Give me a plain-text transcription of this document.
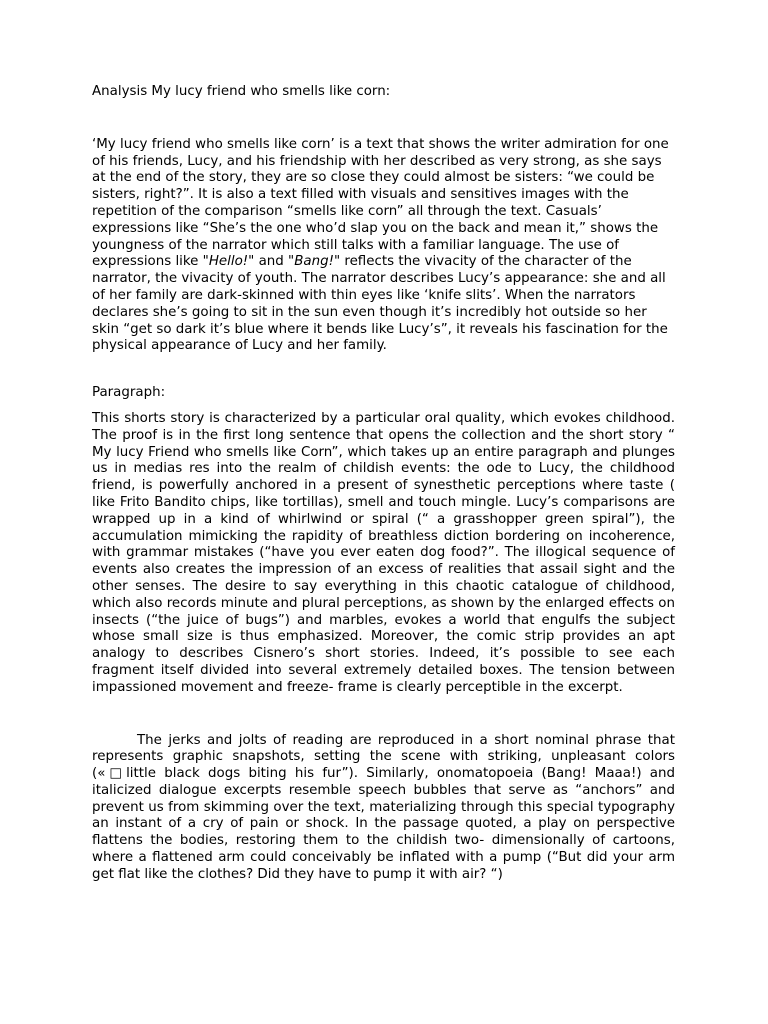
Analysis My lucy friend who smells like corn:

‘My lucy friend who smells like corn’ is a text that shows the writer admiration for one of his friends, Lucy, and his friendship with her described as very strong, as she says at the end of the story, they are so close they could almost be sisters: “we could be sisters, right?”. It is also a text filled with visuals and sensitives images with the repetition of the comparison “smells like corn” all through the text. Casuals’ expressions like “She’s the one who’d slap you on the back and mean it,” shows the youngness of the narrator which still talks with a familiar language. The use of expressions like "Hello!" and "Bang!" reflects the vivacity of the character of the narrator, the vivacity of youth. The narrator describes Lucy’s appearance: she and all of her family are dark-skinned with thin eyes like ‘knife slits’. When the narrators declares she’s going to sit in the sun even though it’s incredibly hot outside so her skin “get so dark it’s blue where it bends like Lucy’s”, it reveals his fascination for the physical appearance of Lucy and her family.

Paragraph:

This shorts story is characterized by a particular oral quality, which evokes childhood. The proof is in the first long sentence that opens the collection and the short story “ My lucy Friend who smells like Corn”, which takes up an entire paragraph and plunges us in medias res into the realm of childish events: the ode to Lucy, the childhood friend, is powerfully anchored in a present of synesthetic perceptions where taste ( like Frito Bandito chips, like tortillas), smell and touch mingle. Lucy’s comparisons are wrapped up in a kind of whirlwind or spiral (“ a grasshopper green spiral”), the accumulation mimicking the rapidity of breathless diction bordering on incoherence, with grammar mistakes (“have you ever eaten dog food?”. The illogical sequence of events also creates the impression of an excess of realities that assail sight and the other senses. The desire to say everything in this chaotic catalogue of childhood, which also records minute and plural perceptions, as shown by the enlarged effects on insects (“the juice of bugs”) and marbles, evokes a world that engulfs the subject whose small size is thus emphasized. Moreover, the comic strip provides an apt analogy to describes Cisnero’s short stories. Indeed, it’s possible to see each fragment itself divided into several extremely detailed boxes. The tension between impassioned movement and freeze- frame is clearly perceptible in the excerpt.

The jerks and jolts of reading are reproduced in a short nominal phrase that represents graphic snapshots, setting the scene with striking, unpleasant colors («□little black dogs biting his fur”). Similarly, onomatopoeia (Bang! Maaa!) and italicized dialogue excerpts resemble speech bubbles that serve as “anchors” and prevent us from skimming over the text, materializing through this special typography an instant of a cry of pain or shock. In the passage quoted, a play on perspective flattens the bodies, restoring them to the childish two- dimensionally of cartoons, where a flattened arm could conceivably be inflated with a pump (“But did your arm get flat like the clothes? Did they have to pump it with air? “)
